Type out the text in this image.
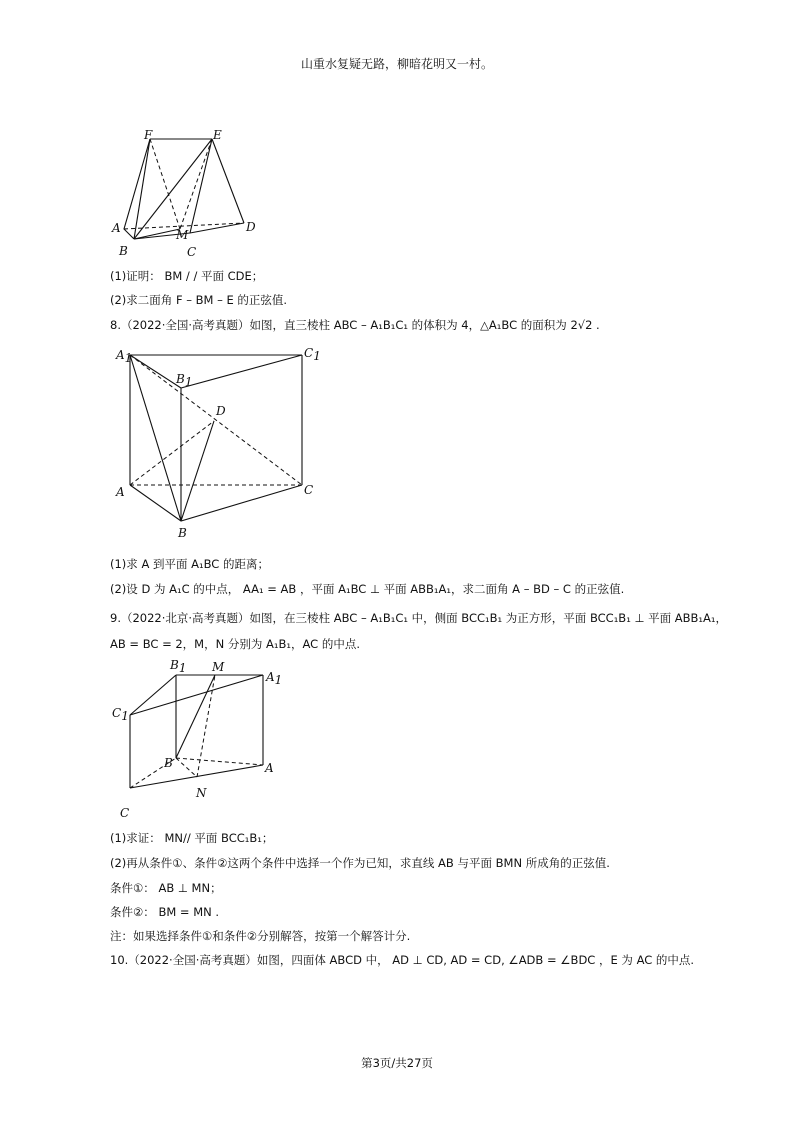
山重水复疑无路，柳暗花明又一村。
F	E
A	M
D
B	C
(1)证明： BM / / 平面 CDE；
(2)求二面角 F – BM – E 的正弦值.
8.（2022·全国·高考真题）如图，直三棱柱 ABC – A₁B₁C₁ 的体积为 4，△A₁BC 的面积为 2√2 .
A1	C1
B1
D
A	C
B
(1)求 A 到平面 A₁BC 的距离；
(2)设 D 为 A₁C 的中点， AA₁ = AB ，平面 A₁BC ⊥ 平面 ABB₁A₁，求二面角 A – BD – C 的正弦值.
9.（2022·北京·高考真题）如图，在三棱柱 ABC – A₁B₁C₁ 中，侧面 BCC₁B₁ 为正方形，平面 BCC₁B₁ ⊥ 平面 ABB₁A₁，
AB = BC = 2，M，N 分别为 A₁B₁，AC 的中点.
B1 M
A1
C1
B	A
N
C
(1)求证： MN// 平面 BCC₁B₁；
(2)再从条件①、条件②这两个条件中选择一个作为已知，求直线 AB 与平面 BMN 所成角的正弦值.
条件①： AB ⊥ MN；
条件②： BM = MN .
注：如果选择条件①和条件②分别解答，按第一个解答计分.
10.（2022·全国·高考真题）如图，四面体 ABCD 中， AD ⊥ CD, AD = CD, ∠ADB = ∠BDC ，E 为 AC 的中点.
第3页/共27页
